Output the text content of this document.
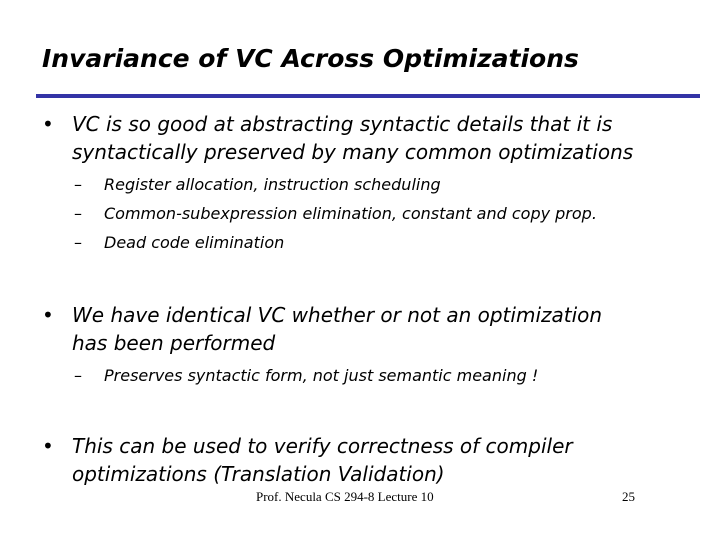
Invariance of VC Across Optimizations
• VC is so good at abstracting syntactic details that it is
syntactically preserved by many common optimizations
– Register allocation, instruction scheduling
– Common-subexpression elimination, constant and copy prop.
– Dead code elimination
• We have identical VC whether or not an optimization
has been performed
– Preserves syntactic form, not just semantic meaning !
• This can be used to verify correctness of compiler
optimizations (Translation Validation)
Prof. Necula CS 294-8 Lecture 10	25
